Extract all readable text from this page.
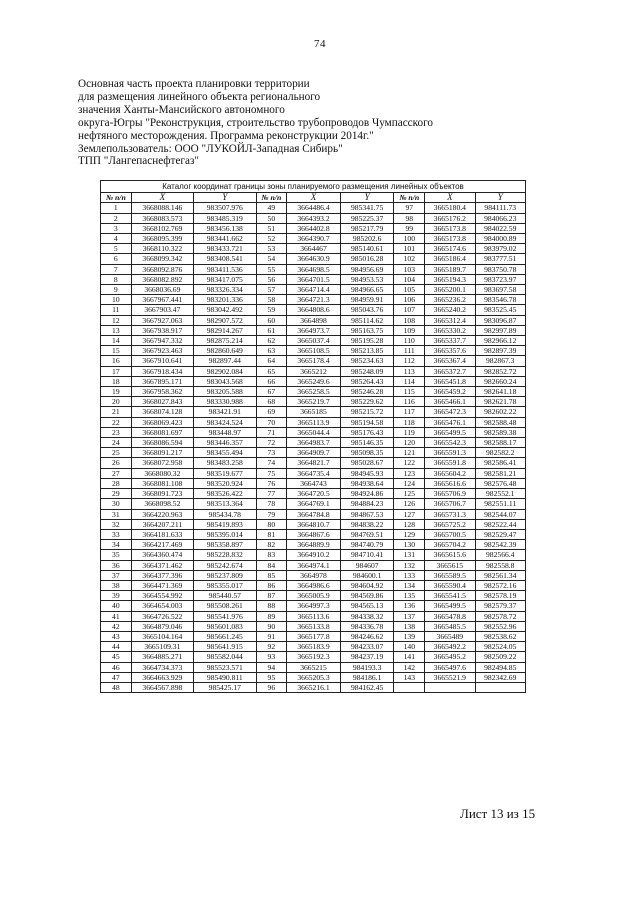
74
Основная часть проекта планировки территории
для размещения линейного объекта регионального
значения Ханты-Мансийского автономного
округа-Югры "Реконструкция, строительство трубопроводов Чумпасского
нефтяного месторождения. Программа реконструкции 2014г."
Землепользователь: ООО "ЛУКОЙЛ-Западная Сибирь"
ТПП "Лангепаснефтегаз"
Каталог координат границы зоны планируемого размещения линейных объектов								
№ п/п	X	Y	№ п/п	X	Y	№ п/п	X	Y
1	3668088.146	983507.976	49	3664486.4	985341.75	97	3665180.4	984111.73
2	3668083.573	983485.319	50	3664393.2	985225.37	98	3665176.2	984066.23
3	3668102.769	983456.138	51	3664402.8	985217.79	99	3665173.8	984022.59
4	3668095.399	983441.662	52	3664390.7	985202.6	100	3665173.8	984000.89
5	3668110.322	983433.721	53	3664467	985140.61	101	3665174.6	983979.02
6	3668099.342	983408.541	54	3664630.9	985016.28	102	3665186.4	983777.51
7	3668092.876	983411.536	55	3664698.5	984956.69	103	3665189.7	983750.78
8	3668082.892	983417.075	56	3664701.5	984953.53	104	3665194.3	983723.97
9	3668036.69	983326.334	57	3664714.4	984966.65	105	3665200.1	983697.58
10	3667967.441	983201.336	58	3664721.3	984959.91	106	3665236.2	983546.78
11	3667903.47	983042.492	59	3664808.6	985043.76	107	3665240.2	983525.45
12	3667927.063	982907.572	60	3664898	985114.62	108	3665312.4	983096.87
13	3667938.917	982914.267	61	3664973.7	985163.75	109	3665330.2	982997.89
14	3667947.332	982875.214	62	3665037.4	985195.28	110	3665337.7	982966.12
15	3667923.463	982860.649	63	3665108.5	985213.85	111	3665357.6	982897.39
16	3667910.641	982897.44	64	3665178.4	985234.63	112	3665367.4	982867.3
17	3667918.434	982902.084	65	3665212	985248.09	113	3665372.7	982852.72
18	3667895.171	983043.568	66	3665249.6	985264.43	114	3665451.8	982660.24
19	3667958.362	983205.588	67	3665258.5	985246.28	115	3665459.2	982641.18
20	3668027.843	983330.988	68	3665219.7	985229.62	116	3665466.1	982621.78
21	3668074.128	983421.91	69	3665185	985215.72	117	3665472.3	982602.22
22	3668069.423	983424.524	70	3665113.9	985194.58	118	3665476.1	982588.48
23	3668081.697	983448.97	71	3665044.4	985176.43	119	3665499.5	982589.38
24	3668086.594	983446.357	72	3664983.7	985146.35	120	3665542.3	982588.17
25	3668091.217	983455.494	73	3664909.7	985098.35	121	3665591.3	982582.2
26	3668072.958	983483.258	74	3664821.7	985028.67	122	3665591.8	982586.41
27	3668080.32	983519.677	75	3664735.4	984945.93	123	3665604.2	982581.21
28	3668081.108	983520.924	76	3664743	984938.64	124	3665616.6	982576.48
29	3668091.723	983526.422	77	3664720.5	984924.86	125	3665706.9	982552.1
30	3668098.52	983513.364	78	3664769.1	984884.23	126	3665706.7	982551.11
31	3664220.963	985434.78	79	3664784.8	984867.53	127	3665731.3	982544.07
32	3664207.211	985419.893	80	3664810.7	984838.22	128	3665725.2	982522.44
33	3664181.633	985395.014	81	3664867.6	984769.51	129	3665700.5	982529.47
34	3664217.469	985358.897	82	3664889.9	984740.79	130	3665704.2	982542.39
35	3664360.474	985228.832	83	3664910.2	984710.41	131	3665615.6	982566.4
36	3664371.462	985242.674	84	3664974.1	984607	132	3665615	982558.8
37	3664377.396	985237.809	85	3664978	984600.1	133	3665589.5	982561.34
38	3664471.369	985355.017	86	3664986.6	984604.92	134	3665590.4	982572.16
39	3664554.992	985440.57	87	3665005.9	984569.86	135	3665541.5	982578.19
40	3664654.003	985508.261	88	3664997.3	984565.13	136	3665499.5	982579.37
41	3664726.522	985541.976	89	3665113.6	984338.32	137	3665478.8	982578.72
42	3664879.046	985601.083	90	3665133.8	984336.78	138	3665485.5	982552.96
43	3665104.164	985661.245	91	3665177.8	984246.62	139	3665489	982538.62
44	3665109.31	985641.915	92	3665183.9	984233.07	140	3665492.2	982524.05
45	3664885.271	985582.044	93	3665192.3	984237.19	141	3665495.2	982509.22
46	3664734.373	985523.571	94	3665215	984193.3	142	3665497.6	982494.85
47	3664663.929	985490.811	95	3665205.3	984186.1	143	3665521.9	982342.69
48	3664567.898	985425.17	96	3665216.1	984162.45			
Лист 13 из 15
